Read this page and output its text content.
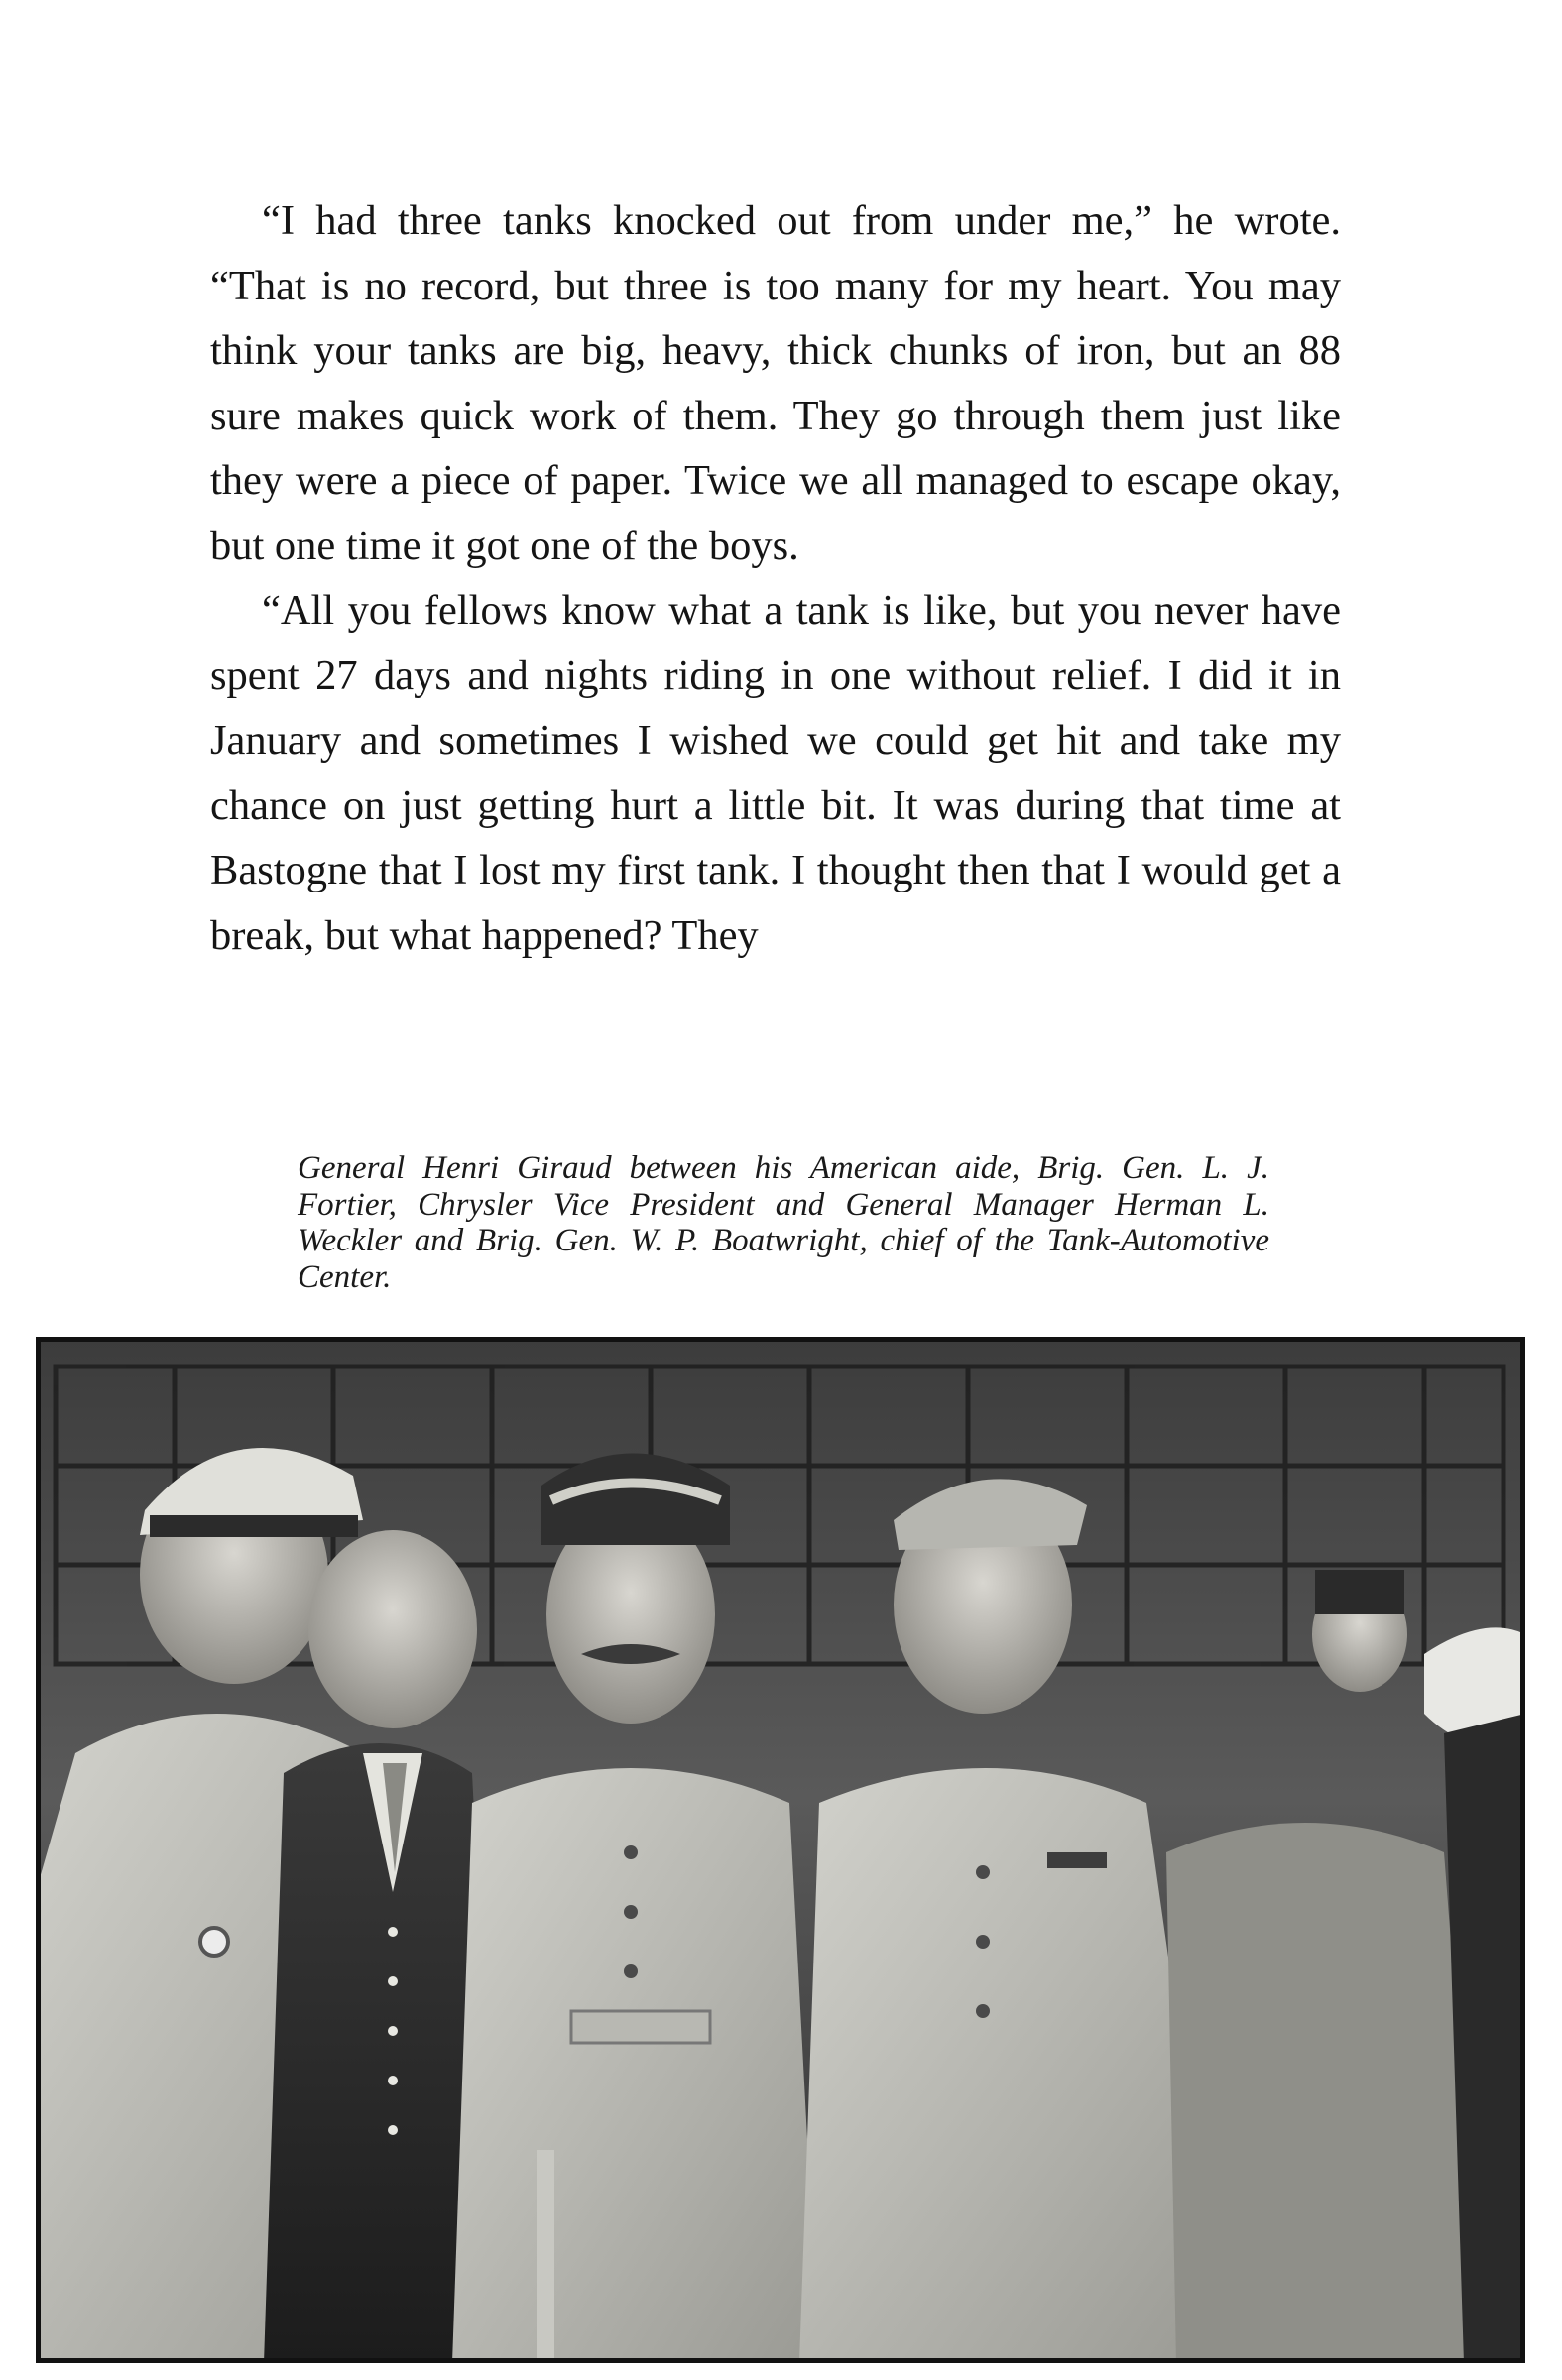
“I had three tanks knocked out from under me,” he wrote. “That is no record, but three is too many for my heart. You may think your tanks are big, heavy, thick chunks of iron, but an 88 sure makes quick work of them. They go through them just like they were a piece of paper. Twice we all managed to escape okay, but one time it got one of the boys.

“All you fellows know what a tank is like, but you never have spent 27 days and nights riding in one without relief. I did it in January and sometimes I wished we could get hit and take my chance on just getting hurt a little bit. It was during that time at Bastogne that I lost my first tank. I thought then that I would get a break, but what happened? They

General Henri Giraud between his American aide, Brig. Gen. L. J. Fortier, Chrysler Vice President and General Manager Herman L. Weckler and Brig. Gen. W. P. Boatwright, chief of the Tank-Automotive Center.
